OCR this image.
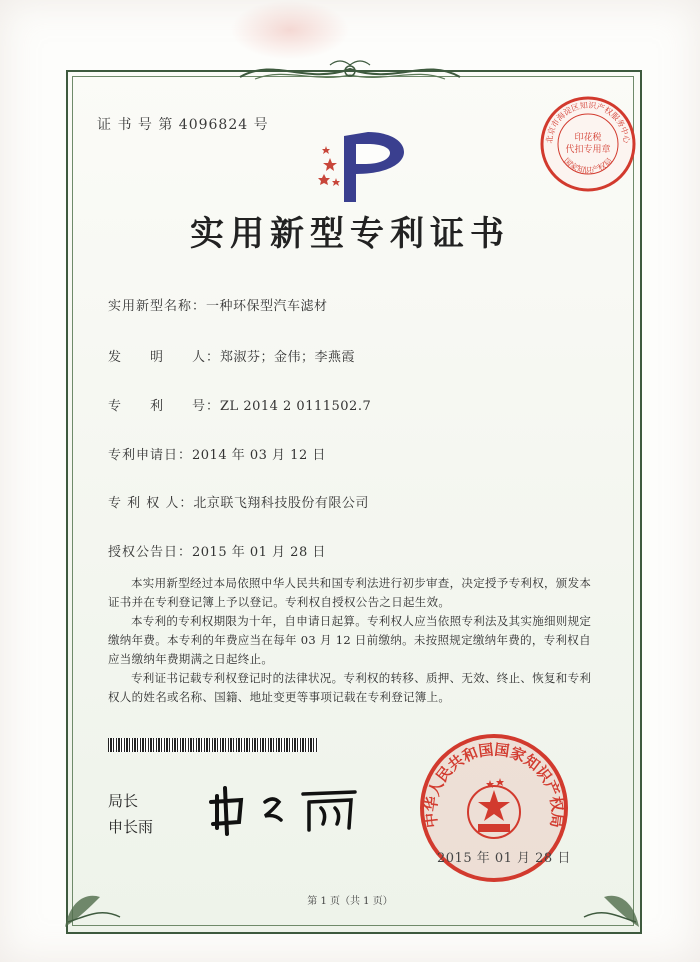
证 书 号 第 4096824 号
北京市海淀区知识产权服务中心
国家知识产权局
印花税
代扣专用章
实用新型专利证书
实用新型名称：一种环保型汽车滤材
发　　明　　人：郑淑芬；金伟；李燕霞
专　　利　　号：ZL 2014 2 0111502.7
专利申请日：2014 年 03 月 12 日
专 利 权 人：北京联飞翔科技股份有限公司
授权公告日：2015 年 01 月 28 日

本实用新型经过本局依照中华人民共和国专利法进行初步审查，决定授予专利权，颁发本证书并在专利登记簿上予以登记。专利权自授权公告之日起生效。

本专利的专利权期限为十年，自申请日起算。专利权人应当依照专利法及其实施细则规定缴纳年费。本专利的年费应当在每年 03 月 12 日前缴纳。未按照规定缴纳年费的，专利权自应当缴纳年费期满之日起终止。

专利证书记载专利权登记时的法律状况。专利权的转移、质押、无效、终止、恢复和专利权人的姓名或名称、国籍、地址变更等事项记载在专利登记簿上。

局长
申长雨	中华人民共和国国家知识产权局
2015 年 01 月 28 日
第 1 页（共 1 页）
